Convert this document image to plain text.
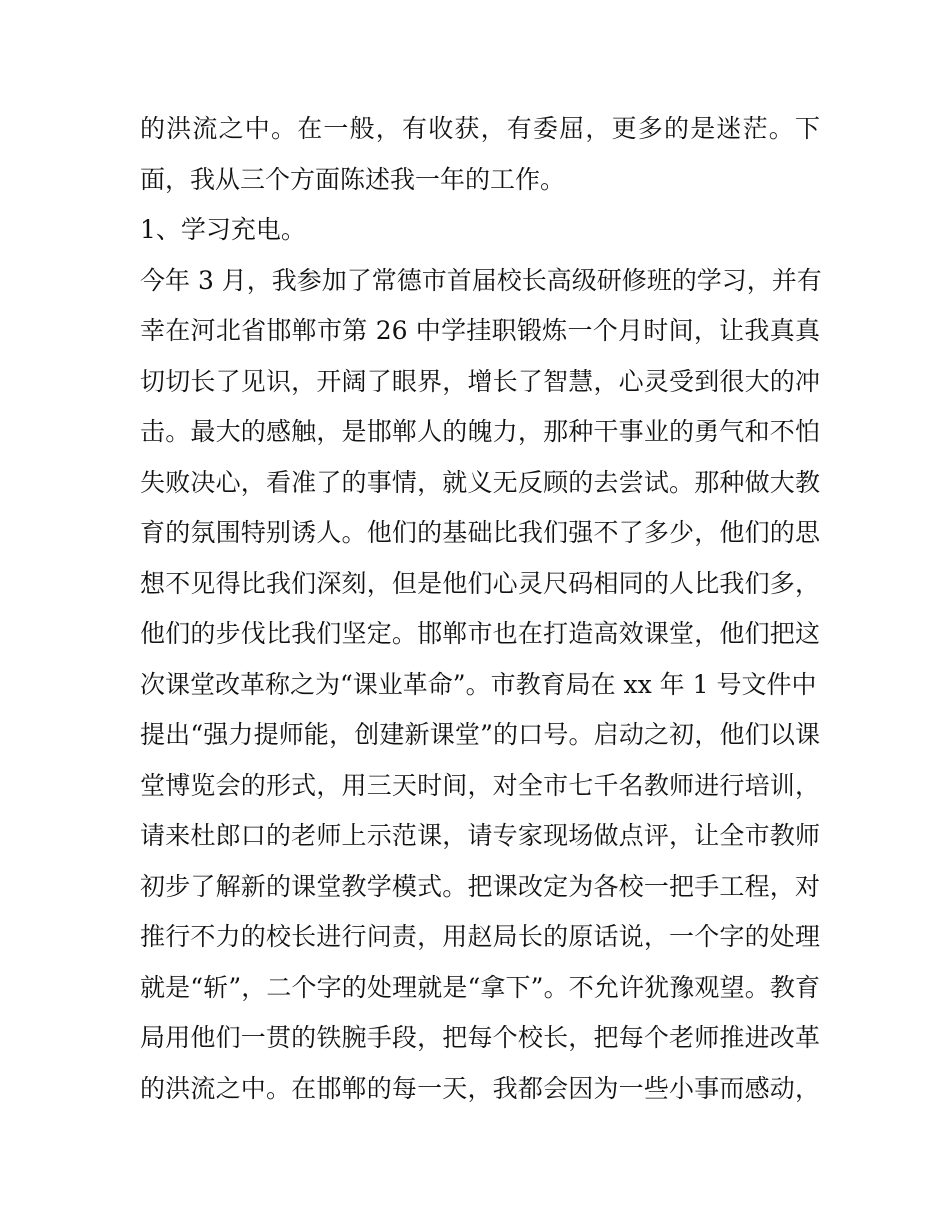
的洪流之中。在一般，有收获，有委屈，更多的是迷茫。下
面，我从三个方面陈述我一年的工作。
1、学习充电。
今年 3 月，我参加了常德市首届校长高级研修班的学习，并有
幸在河北省邯郸市第 26 中学挂职锻炼一个月时间，让我真真
切切长了见识，开阔了眼界，增长了智慧，心灵受到很大的冲
击。最大的感触，是邯郸人的魄力，那种干事业的勇气和不怕
失败决心，看准了的事情，就义无反顾的去尝试。那种做大教
育的氛围特别诱人。他们的基础比我们强不了多少，他们的思
想不见得比我们深刻，但是他们心灵尺码相同的人比我们多，
他们的步伐比我们坚定。邯郸市也在打造高效课堂，他们把这
次课堂改革称之为“课业革命”。市教育局在 xx 年 1 号文件中
提出“强力提师能，创建新课堂”的口号。启动之初，他们以课
堂博览会的形式，用三天时间，对全市七千名教师进行培训，
请来杜郎口的老师上示范课，请专家现场做点评，让全市教师
初步了解新的课堂教学模式。把课改定为各校一把手工程，对
推行不力的校长进行问责，用赵局长的原话说，一个字的处理
就是“斩”，二个字的处理就是“拿下”。不允许犹豫观望。教育
局用他们一贯的铁腕手段，把每个校长，把每个老师推进改革
的洪流之中。在邯郸的每一天，我都会因为一些小事而感动，
